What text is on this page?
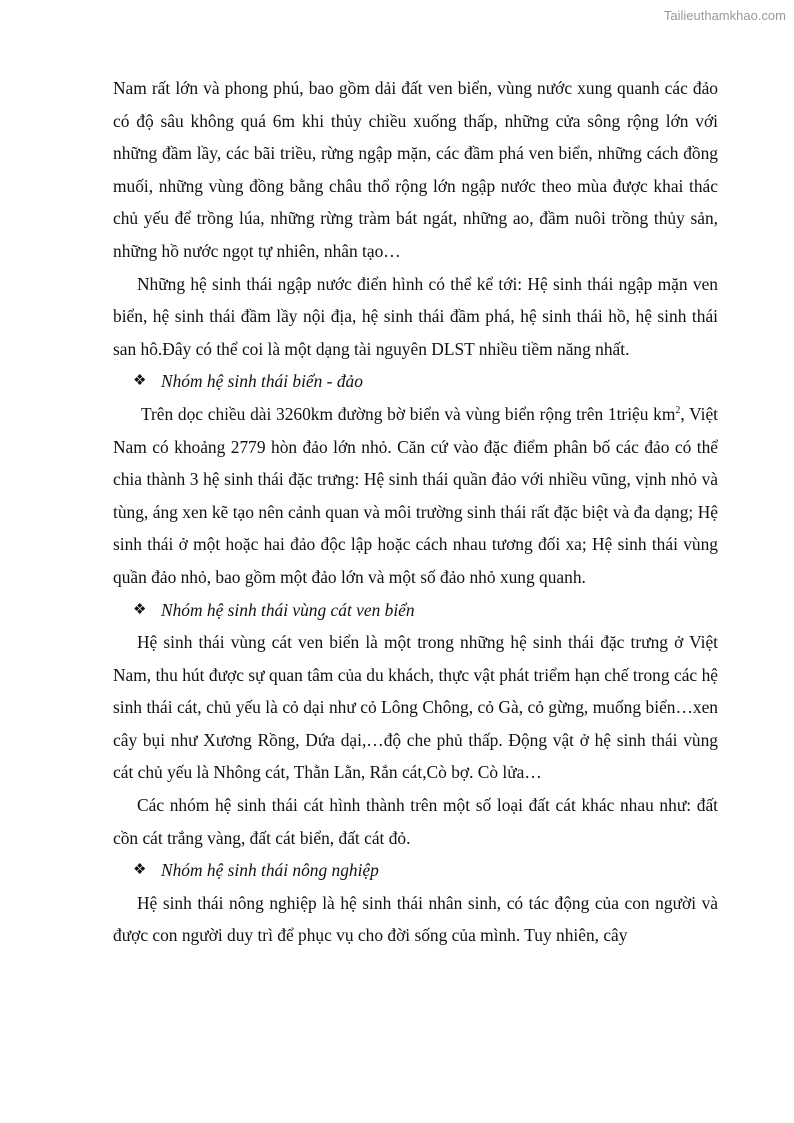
Tailieuthamkhao.com

Nam rất lớn và phong phú, bao gồm dải đất ven biển, vùng nước xung quanh các đảo có độ sâu không quá 6m khi thủy chiều xuống thấp, những cửa sông rộng lớn với những đầm lầy, các bãi triều, rừng ngập mặn, các đầm phá ven biển, những cách đồng muối, những vùng đồng bằng châu thổ rộng lớn ngập nước theo mùa được khai thác chủ yếu để trồng lúa, những rừng tràm bát ngát, những ao, đầm nuôi trồng thủy sản, những hồ nước ngọt tự nhiên, nhân tạo…

Những hệ sinh thái ngập nước điển hình có thể kể tới: Hệ sinh thái ngập mặn ven biển, hệ sinh thái đầm lầy nội địa, hệ sinh thái đầm phá, hệ sinh thái hồ, hệ sinh thái san hô.Đây có thể coi là một dạng tài nguyên DLST nhiều tiềm năng nhất.

❖ Nhóm hệ sinh thái biển - đảo

Trên dọc chiều dài 3260km đường bờ biển và vùng biển rộng trên 1triệu $km^2$, Việt Nam có khoảng 2779 hòn đảo lớn nhỏ. Căn cứ vào đặc điểm phân bố các đảo có thể chia thành 3 hệ sinh thái đặc trưng: Hệ sinh thái quần đảo với nhiều vũng, vịnh nhỏ và tùng, áng xen kẽ tạo nên cảnh quan và môi trường sinh thái rất đặc biệt và đa dạng; Hệ sinh thái ở một hoặc hai đảo độc lập hoặc cách nhau tương đối xa; Hệ sinh thái vùng quần đảo nhỏ, bao gồm một đảo lớn và một số đảo nhỏ xung quanh.

❖ Nhóm hệ sinh thái vùng cát ven biển

Hệ sinh thái vùng cát ven biển là một trong những hệ sinh thái đặc trưng ở Việt Nam, thu hút được sự quan tâm của du khách, thực vật phát triểm hạn chế trong các hệ sinh thái cát, chủ yếu là cỏ dại như cỏ Lông Chông, cỏ Gà, cỏ gừng, muống biển…xen cây bụi như Xương Rồng, Dứa dại,…độ che phủ thấp. Động vật ở hệ sinh thái vùng cát chủ yếu là Nhông cát, Thằn Lằn, Rắn cát,Cò bợ. Cò lửa…

Các nhóm hệ sinh thái cát hình thành trên một số loại đất cát khác nhau như: đất cồn cát trắng vàng, đất cát biển, đất cát đỏ.

❖ Nhóm hệ sinh thái nông nghiệp

Hệ sinh thái nông nghiệp là hệ sinh thái nhân sinh, có tác động của con người và được con người duy trì để phục vụ cho đời sống của mình. Tuy nhiên, cây
